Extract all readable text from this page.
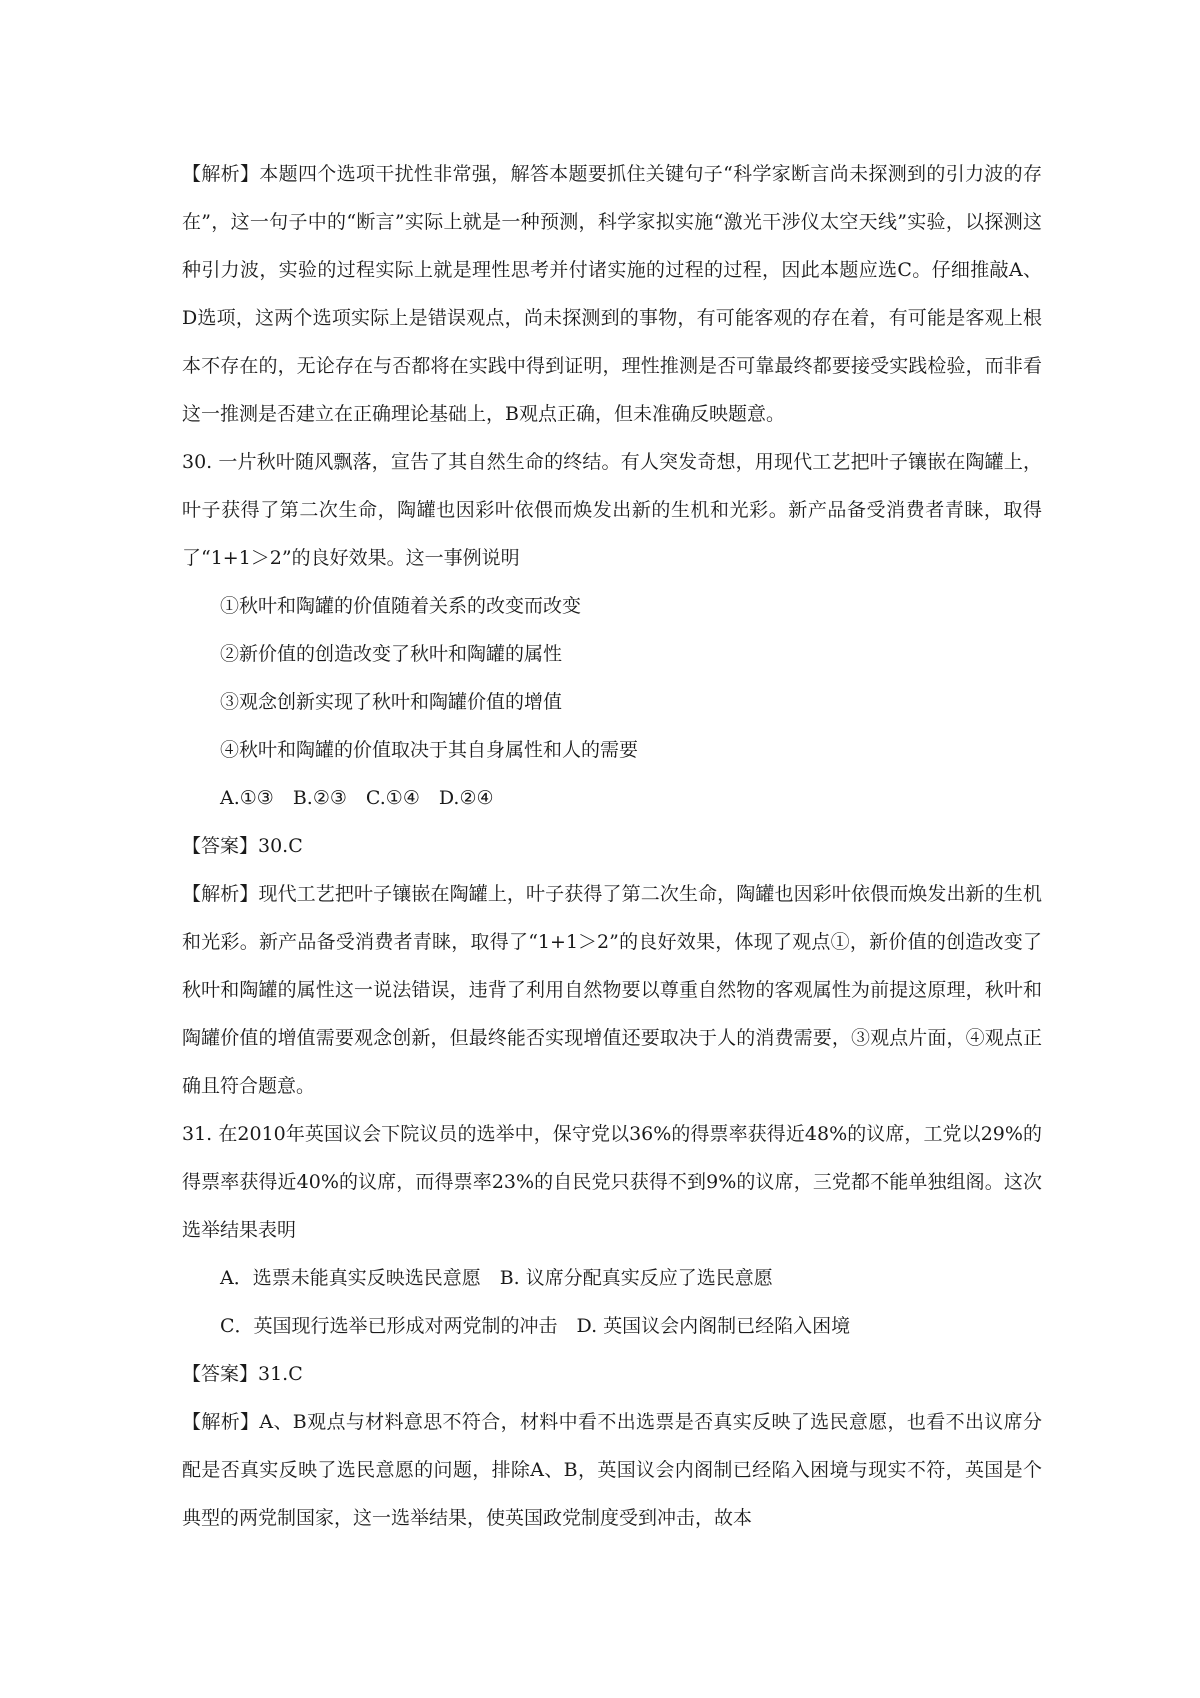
【解析】本题四个选项干扰性非常强，解答本题要抓住关键句子“科学家断言尚未探测到的引力波的存在”，这一句子中的“断言”实际上就是一种预测，科学家拟实施“激光干涉仪太空天线”实验，以探测这种引力波，实验的过程实际上就是理性思考并付诸实施的过程的过程，因此本题应选C。仔细推敲A、D选项，这两个选项实际上是错误观点，尚未探测到的事物，有可能客观的存在着，有可能是客观上根本不存在的，无论存在与否都将在实践中得到证明，理性推测是否可靠最终都要接受实践检验，而非看这一推测是否建立在正确理论基础上，B观点正确，但未准确反映题意。

30. 一片秋叶随风飘落，宣告了其自然生命的终结。有人突发奇想，用现代工艺把叶子镶嵌在陶罐上，叶子获得了第二次生命，陶罐也因彩叶依偎而焕发出新的生机和光彩。新产品备受消费者青睐，取得了“1+1＞2”的良好效果。这一事例说明

①秋叶和陶罐的价值随着关系的改变而改变

②新价值的创造改变了秋叶和陶罐的属性

③观念创新实现了秋叶和陶罐价值的增值

④秋叶和陶罐的价值取决于其自身属性和人的需要

A.①③　B.②③　C.①④　D.②④

【答案】30.C

【解析】现代工艺把叶子镶嵌在陶罐上，叶子获得了第二次生命，陶罐也因彩叶依偎而焕发出新的生机和光彩。新产品备受消费者青睐，取得了“1+1＞2”的良好效果，体现了观点①，新价值的创造改变了秋叶和陶罐的属性这一说法错误，违背了利用自然物要以尊重自然物的客观属性为前提这原理，秋叶和陶罐价值的增值需要观念创新，但最终能否实现增值还要取决于人的消费需要，③观点片面，④观点正确且符合题意。

31. 在2010年英国议会下院议员的选举中，保守党以36%的得票率获得近48%的议席，工党以29%的得票率获得近40%的议席，而得票率23%的自民党只获得不到9%的议席，三党都不能单独组阁。这次选举结果表明

A．选票未能真实反映选民意愿　B. 议席分配真实反应了选民意愿

C．英国现行选举已形成对两党制的冲击　D. 英国议会内阁制已经陷入困境

【答案】31.C

【解析】A、B观点与材料意思不符合，材料中看不出选票是否真实反映了选民意愿，也看不出议席分配是否真实反映了选民意愿的问题，排除A、B，英国议会内阁制已经陷入困境与现实不符，英国是个典型的两党制国家，这一选举结果，使英国政党制度受到冲击，故本
